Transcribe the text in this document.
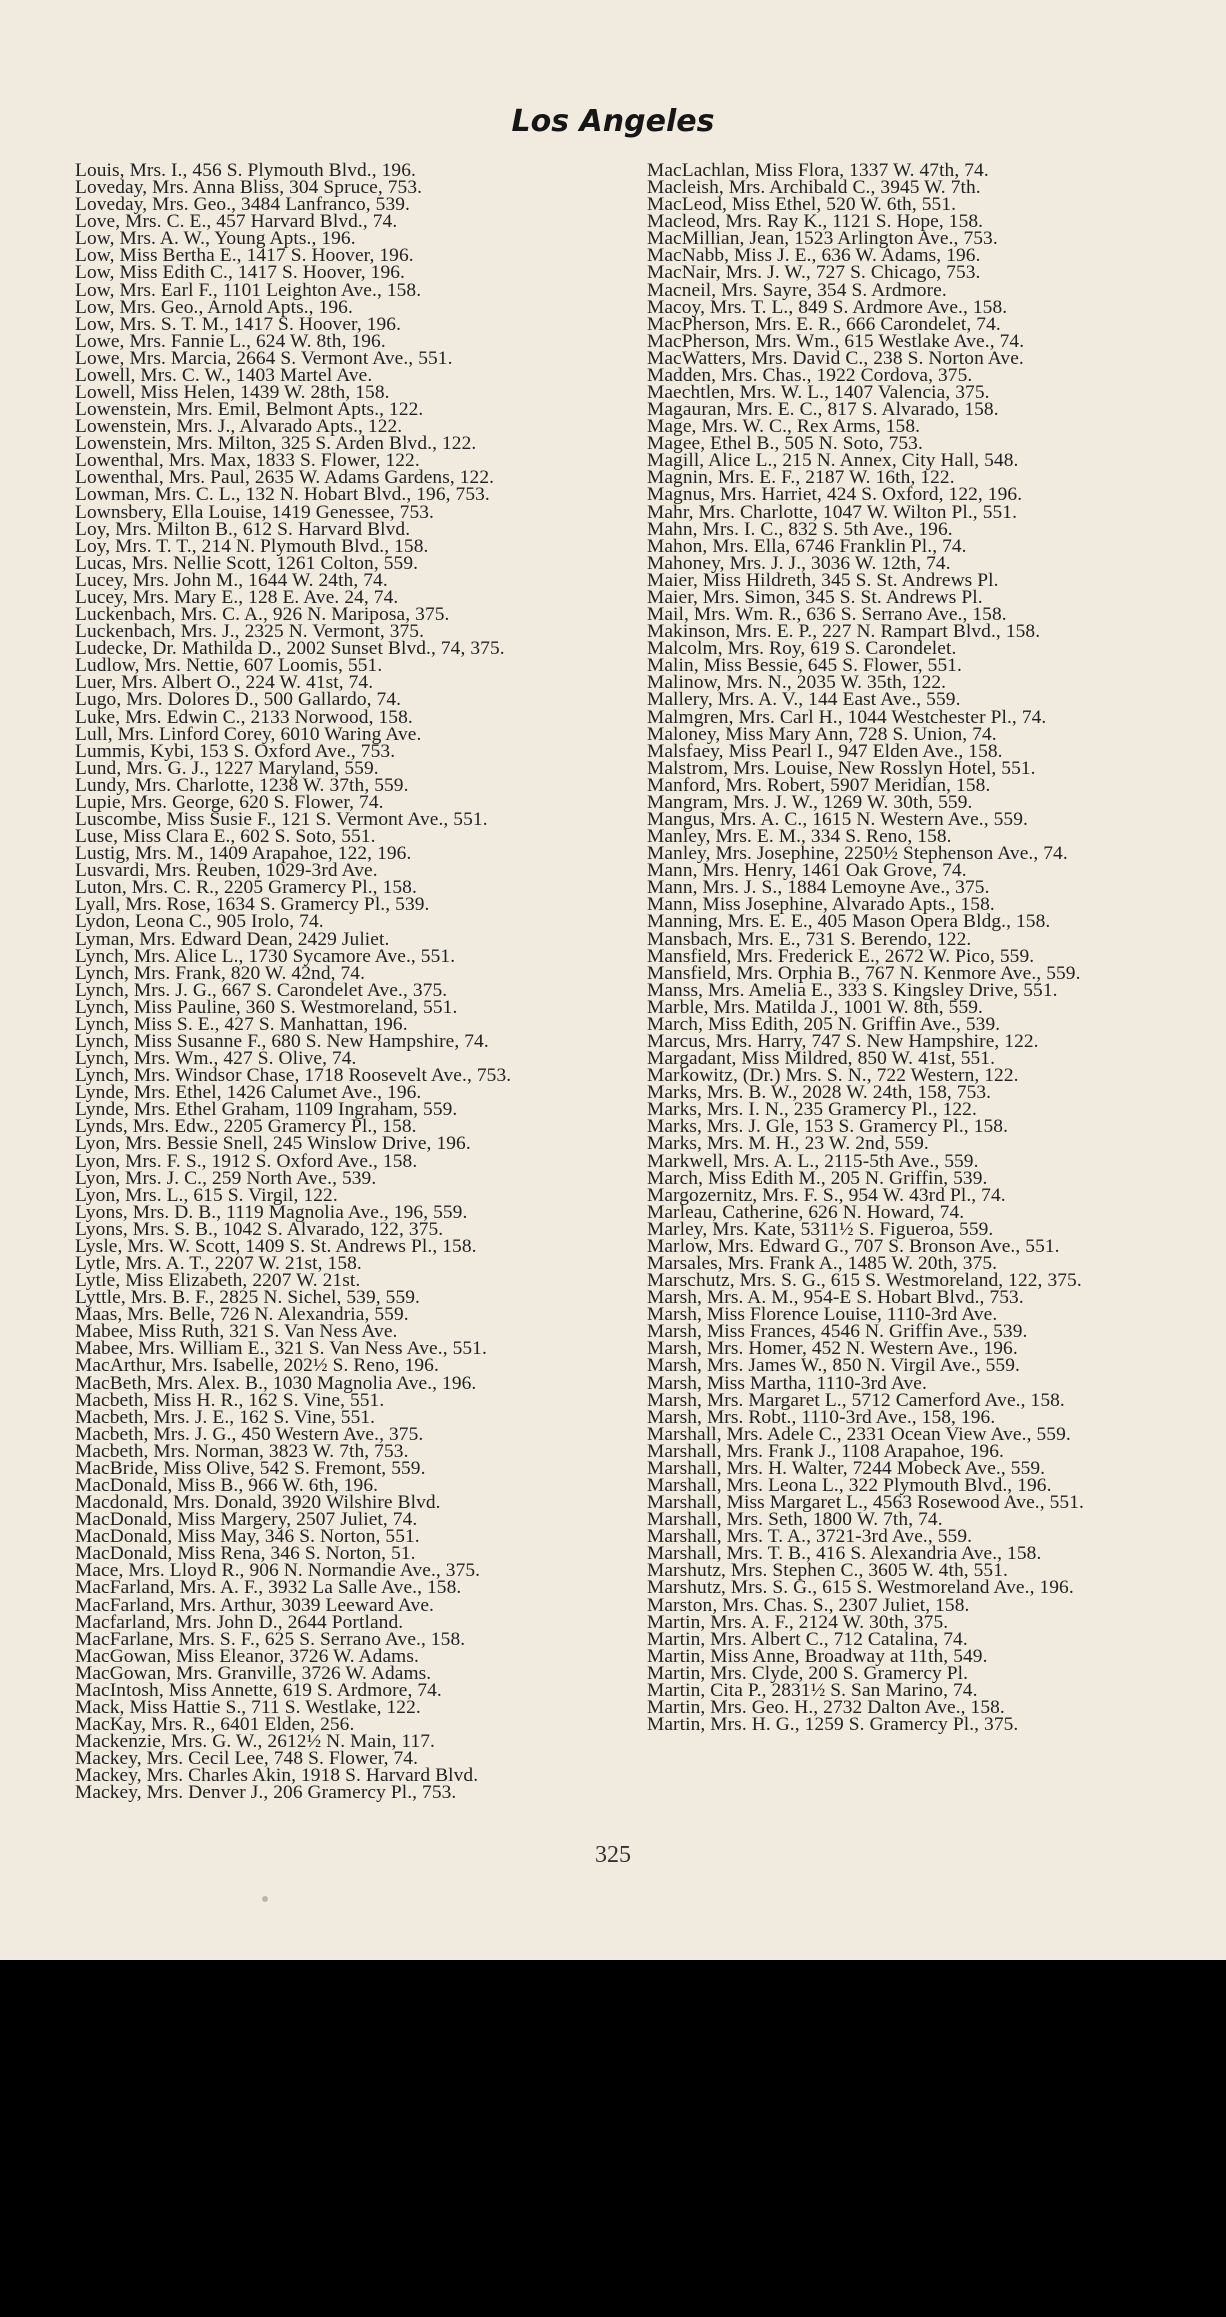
Los Angeles
Louis, Mrs. I., 456 S. Plymouth Blvd., 196.
Loveday, Mrs. Anna Bliss, 304 Spruce, 753.
Loveday, Mrs. Geo., 3484 Lanfranco, 539.
Love, Mrs. C. E., 457 Harvard Blvd., 74.
Low, Mrs. A. W., Young Apts., 196.
Low, Miss Bertha E., 1417 S. Hoover, 196.
Low, Miss Edith C., 1417 S. Hoover, 196.
Low, Mrs. Earl F., 1101 Leighton Ave., 158.
Low, Mrs. Geo., Arnold Apts., 196.
Low, Mrs. S. T. M., 1417 S. Hoover, 196.
Lowe, Mrs. Fannie L., 624 W. 8th, 196.
Lowe, Mrs. Marcia, 2664 S. Vermont Ave., 551.
Lowell, Mrs. C. W., 1403 Martel Ave.
Lowell, Miss Helen, 1439 W. 28th, 158.
Lowenstein, Mrs. Emil, Belmont Apts., 122.
Lowenstein, Mrs. J., Alvarado Apts., 122.
Lowenstein, Mrs. Milton, 325 S. Arden Blvd., 122.
Lowenthal, Mrs. Max, 1833 S. Flower, 122.
Lowenthal, Mrs. Paul, 2635 W. Adams Gardens, 122.
Lowman, Mrs. C. L., 132 N. Hobart Blvd., 196, 753.
Lownsbery, Ella Louise, 1419 Genessee, 753.
Loy, Mrs. Milton B., 612 S. Harvard Blvd.
Loy, Mrs. T. T., 214 N. Plymouth Blvd., 158.
Lucas, Mrs. Nellie Scott, 1261 Colton, 559.
Lucey, Mrs. John M., 1644 W. 24th, 74.
Lucey, Mrs. Mary E., 128 E. Ave. 24, 74.
Luckenbach, Mrs. C. A., 926 N. Mariposa, 375.
Luckenbach, Mrs. J., 2325 N. Vermont, 375.
Ludecke, Dr. Mathilda D., 2002 Sunset Blvd., 74, 375.
Ludlow, Mrs. Nettie, 607 Loomis, 551.
Luer, Mrs. Albert O., 224 W. 41st, 74.
Lugo, Mrs. Dolores D., 500 Gallardo, 74.
Luke, Mrs. Edwin C., 2133 Norwood, 158.
Lull, Mrs. Linford Corey, 6010 Waring Ave.
Lummis, Kybi, 153 S. Oxford Ave., 753.
Lund, Mrs. G. J., 1227 Maryland, 559.
Lundy, Mrs. Charlotte, 1238 W. 37th, 559.
Lupie, Mrs. George, 620 S. Flower, 74.
Luscombe, Miss Susie F., 121 S. Vermont Ave., 551.
Luse, Miss Clara E., 602 S. Soto, 551.
Lustig, Mrs. M., 1409 Arapahoe, 122, 196.
Lusvardi, Mrs. Reuben, 1029-3rd Ave.
Luton, Mrs. C. R., 2205 Gramercy Pl., 158.
Lyall, Mrs. Rose, 1634 S. Gramercy Pl., 539.
Lydon, Leona C., 905 Irolo, 74.
Lyman, Mrs. Edward Dean, 2429 Juliet.
Lynch, Mrs. Alice L., 1730 Sycamore Ave., 551.
Lynch, Mrs. Frank, 820 W. 42nd, 74.
Lynch, Mrs. J. G., 667 S. Carondelet Ave., 375.
Lynch, Miss Pauline, 360 S. Westmoreland, 551.
Lynch, Miss S. E., 427 S. Manhattan, 196.
Lynch, Miss Susanne F., 680 S. New Hampshire, 74.
Lynch, Mrs. Wm., 427 S. Olive, 74.
Lynch, Mrs. Windsor Chase, 1718 Roosevelt Ave., 753.
Lynde, Mrs. Ethel, 1426 Calumet Ave., 196.
Lynde, Mrs. Ethel Graham, 1109 Ingraham, 559.
Lynds, Mrs. Edw., 2205 Gramercy Pl., 158.
Lyon, Mrs. Bessie Snell, 245 Winslow Drive, 196.
Lyon, Mrs. F. S., 1912 S. Oxford Ave., 158.
Lyon, Mrs. J. C., 259 North Ave., 539.
Lyon, Mrs. L., 615 S. Virgil, 122.
Lyons, Mrs. D. B., 1119 Magnolia Ave., 196, 559.
Lyons, Mrs. S. B., 1042 S. Alvarado, 122, 375.
Lysle, Mrs. W. Scott, 1409 S. St. Andrews Pl., 158.
Lytle, Mrs. A. T., 2207 W. 21st, 158.
Lytle, Miss Elizabeth, 2207 W. 21st.
Lyttle, Mrs. B. F., 2825 N. Sichel, 539, 559.
Maas, Mrs. Belle, 726 N. Alexandria, 559.
Mabee, Miss Ruth, 321 S. Van Ness Ave.
Mabee, Mrs. William E., 321 S. Van Ness Ave., 551.
MacArthur, Mrs. Isabelle, 202½ S. Reno, 196.
MacBeth, Mrs. Alex. B., 1030 Magnolia Ave., 196.
Macbeth, Miss H. R., 162 S. Vine, 551.
Macbeth, Mrs. J. E., 162 S. Vine, 551.
Macbeth, Mrs. J. G., 450 Western Ave., 375.
Macbeth, Mrs. Norman, 3823 W. 7th, 753.
MacBride, Miss Olive, 542 S. Fremont, 559.
MacDonald, Miss B., 966 W. 6th, 196.
Macdonald, Mrs. Donald, 3920 Wilshire Blvd.
MacDonald, Miss Margery, 2507 Juliet, 74.
MacDonald, Miss May, 346 S. Norton, 551.
MacDonald, Miss Rena, 346 S. Norton, 51.
Mace, Mrs. Lloyd R., 906 N. Normandie Ave., 375.
MacFarland, Mrs. A. F., 3932 La Salle Ave., 158.
MacFarland, Mrs. Arthur, 3039 Leeward Ave.
Macfarland, Mrs. John D., 2644 Portland.
MacFarlane, Mrs. S. F., 625 S. Serrano Ave., 158.
MacGowan, Miss Eleanor, 3726 W. Adams.
MacGowan, Mrs. Granville, 3726 W. Adams.
MacIntosh, Miss Annette, 619 S. Ardmore, 74.
Mack, Miss Hattie S., 711 S. Westlake, 122.
MacKay, Mrs. R., 6401 Elden, 256.
Mackenzie, Mrs. G. W., 2612½ N. Main, 117.
Mackey, Mrs. Cecil Lee, 748 S. Flower, 74.
Mackey, Mrs. Charles Akin, 1918 S. Harvard Blvd.
Mackey, Mrs. Denver J., 206 Gramercy Pl., 753.
MacLachlan, Miss Flora, 1337 W. 47th, 74.
Macleish, Mrs. Archibald C., 3945 W. 7th.
MacLeod, Miss Ethel, 520 W. 6th, 551.
Macleod, Mrs. Ray K., 1121 S. Hope, 158.
MacMillian, Jean, 1523 Arlington Ave., 753.
MacNabb, Miss J. E., 636 W. Adams, 196.
MacNair, Mrs. J. W., 727 S. Chicago, 753.
Macneil, Mrs. Sayre, 354 S. Ardmore.
Macoy, Mrs. T. L., 849 S. Ardmore Ave., 158.
MacPherson, Mrs. E. R., 666 Carondelet, 74.
MacPherson, Mrs. Wm., 615 Westlake Ave., 74.
MacWatters, Mrs. David C., 238 S. Norton Ave.
Madden, Mrs. Chas., 1922 Cordova, 375.
Maechtlen, Mrs. W. L., 1407 Valencia, 375.
Magauran, Mrs. E. C., 817 S. Alvarado, 158.
Mage, Mrs. W. C., Rex Arms, 158.
Magee, Ethel B., 505 N. Soto, 753.
Magill, Alice L., 215 N. Annex, City Hall, 548.
Magnin, Mrs. E. F., 2187 W. 16th, 122.
Magnus, Mrs. Harriet, 424 S. Oxford, 122, 196.
Mahr, Mrs. Charlotte, 1047 W. Wilton Pl., 551.
Mahn, Mrs. I. C., 832 S. 5th Ave., 196.
Mahon, Mrs. Ella, 6746 Franklin Pl., 74.
Mahoney, Mrs. J. J., 3036 W. 12th, 74.
Maier, Miss Hildreth, 345 S. St. Andrews Pl.
Maier, Mrs. Simon, 345 S. St. Andrews Pl.
Mail, Mrs. Wm. R., 636 S. Serrano Ave., 158.
Makinson, Mrs. E. P., 227 N. Rampart Blvd., 158.
Malcolm, Mrs. Roy, 619 S. Carondelet.
Malin, Miss Bessie, 645 S. Flower, 551.
Malinow, Mrs. N., 2035 W. 35th, 122.
Mallery, Mrs. A. V., 144 East Ave., 559.
Malmgren, Mrs. Carl H., 1044 Westchester Pl., 74.
Maloney, Miss Mary Ann, 728 S. Union, 74.
Malsfaey, Miss Pearl I., 947 Elden Ave., 158.
Malstrom, Mrs. Louise, New Rosslyn Hotel, 551.
Manford, Mrs. Robert, 5907 Meridian, 158.
Mangram, Mrs. J. W., 1269 W. 30th, 559.
Mangus, Mrs. A. C., 1615 N. Western Ave., 559.
Manley, Mrs. E. M., 334 S. Reno, 158.
Manley, Mrs. Josephine, 2250½ Stephenson Ave., 74.
Mann, Mrs. Henry, 1461 Oak Grove, 74.
Mann, Mrs. J. S., 1884 Lemoyne Ave., 375.
Mann, Miss Josephine, Alvarado Apts., 158.
Manning, Mrs. E. E., 405 Mason Opera Bldg., 158.
Mansbach, Mrs. E., 731 S. Berendo, 122.
Mansfield, Mrs. Frederick E., 2672 W. Pico, 559.
Mansfield, Mrs. Orphia B., 767 N. Kenmore Ave., 559.
Manss, Mrs. Amelia E., 333 S. Kingsley Drive, 551.
Marble, Mrs. Matilda J., 1001 W. 8th, 559.
March, Miss Edith, 205 N. Griffin Ave., 539.
Marcus, Mrs. Harry, 747 S. New Hampshire, 122.
Margadant, Miss Mildred, 850 W. 41st, 551.
Markowitz, (Dr.) Mrs. S. N., 722 Western, 122.
Marks, Mrs. B. W., 2028 W. 24th, 158, 753.
Marks, Mrs. I. N., 235 Gramercy Pl., 122.
Marks, Mrs. J. Gle, 153 S. Gramercy Pl., 158.
Marks, Mrs. M. H., 23 W. 2nd, 559.
Markwell, Mrs. A. L., 2115-5th Ave., 559.
March, Miss Edith M., 205 N. Griffin, 539.
Margozernitz, Mrs. F. S., 954 W. 43rd Pl., 74.
Marleau, Catherine, 626 N. Howard, 74.
Marley, Mrs. Kate, 5311½ S. Figueroa, 559.
Marlow, Mrs. Edward G., 707 S. Bronson Ave., 551.
Marsales, Mrs. Frank A., 1485 W. 20th, 375.
Marschutz, Mrs. S. G., 615 S. Westmoreland, 122, 375.
Marsh, Mrs. A. M., 954-E S. Hobart Blvd., 753.
Marsh, Miss Florence Louise, 1110-3rd Ave.
Marsh, Miss Frances, 4546 N. Griffin Ave., 539.
Marsh, Mrs. Homer, 452 N. Western Ave., 196.
Marsh, Mrs. James W., 850 N. Virgil Ave., 559.
Marsh, Miss Martha, 1110-3rd Ave.
Marsh, Mrs. Margaret L., 5712 Camerford Ave., 158.
Marsh, Mrs. Robt., 1110-3rd Ave., 158, 196.
Marshall, Mrs. Adele C., 2331 Ocean View Ave., 559.
Marshall, Mrs. Frank J., 1108 Arapahoe, 196.
Marshall, Mrs. H. Walter, 7244 Mobeck Ave., 559.
Marshall, Mrs. Leona L., 322 Plymouth Blvd., 196.
Marshall, Miss Margaret L., 4563 Rosewood Ave., 551.
Marshall, Mrs. Seth, 1800 W. 7th, 74.
Marshall, Mrs. T. A., 3721-3rd Ave., 559.
Marshall, Mrs. T. B., 416 S. Alexandria Ave., 158.
Marshutz, Mrs. Stephen C., 3605 W. 4th, 551.
Marshutz, Mrs. S. G., 615 S. Westmoreland Ave., 196.
Marston, Mrs. Chas. S., 2307 Juliet, 158.
Martin, Mrs. A. F., 2124 W. 30th, 375.
Martin, Mrs. Albert C., 712 Catalina, 74.
Martin, Miss Anne, Broadway at 11th, 549.
Martin, Mrs. Clyde, 200 S. Gramercy Pl.
Martin, Cita P., 2831½ S. San Marino, 74.
Martin, Mrs. Geo. H., 2732 Dalton Ave., 158.
Martin, Mrs. H. G., 1259 S. Gramercy Pl., 375.
325
